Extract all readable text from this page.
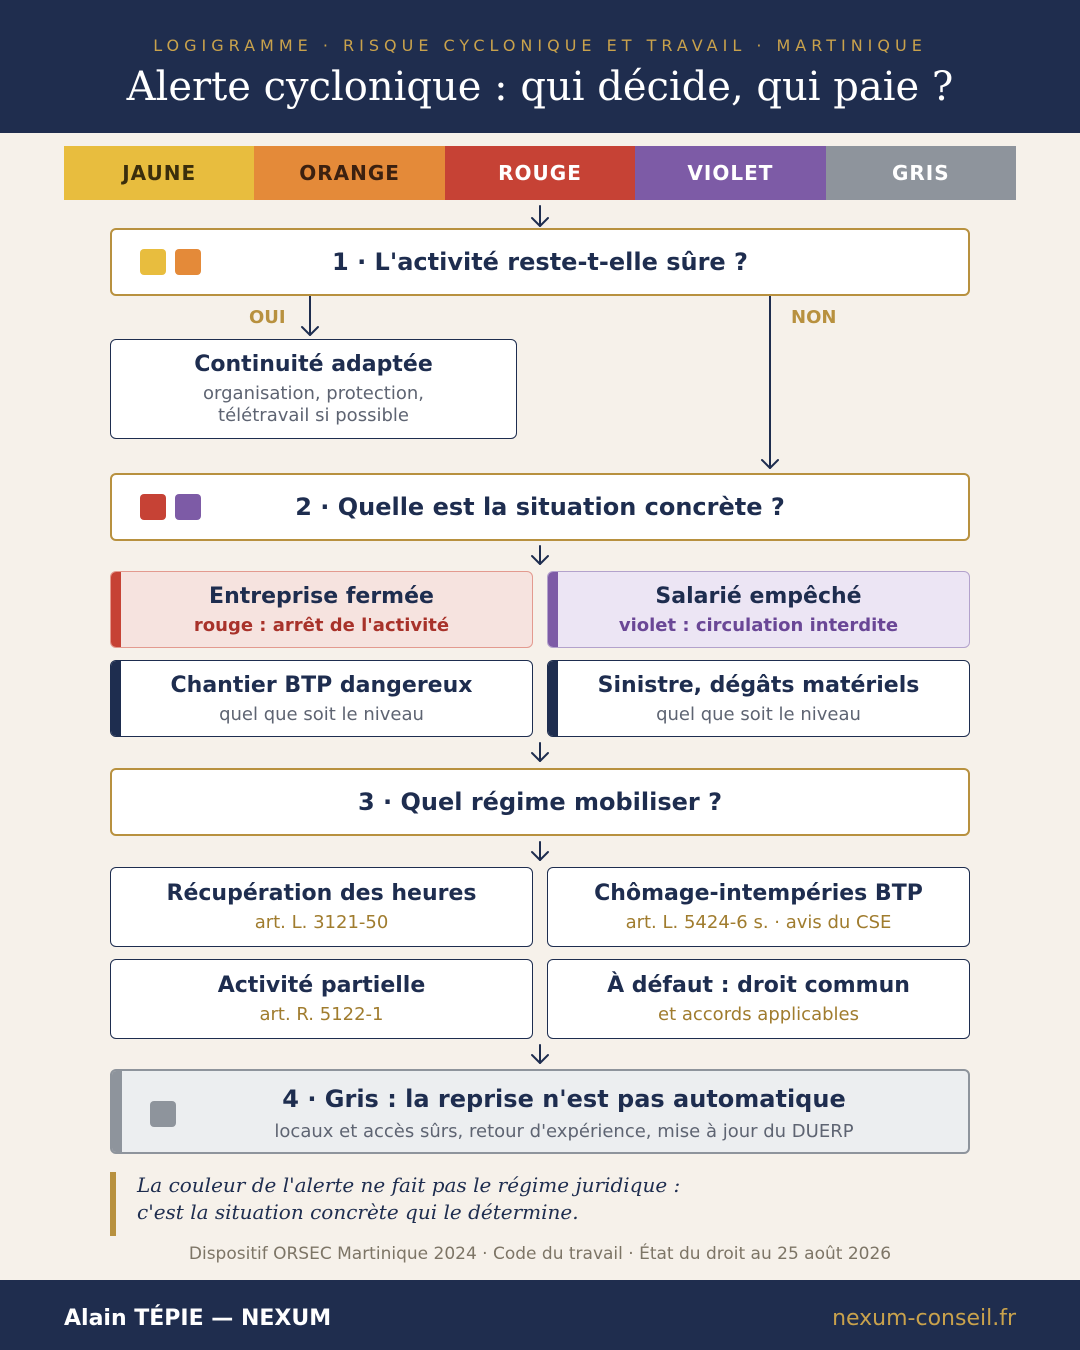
LOGIGRAMME · RISQUE CYCLONIQUE ET TRAVAIL · MARTINIQUE
Alerte cyclonique : qui décide, qui paie ?
JAUNE	ORANGE	ROUGE	VIOLET	GRIS
1 · L'activité reste-t-elle sûre ?
OUI	NON
Continuité adaptée
organisation, protection,
télétravail si possible
2 · Quelle est la situation concrète ?
Entreprise fermée
rouge : arrêt de l'activité
Salarié empêché
violet : circulation interdite
Chantier BTP dangereux
quel que soit le niveau
Sinistre, dégâts matériels
quel que soit le niveau
3 · Quel régime mobiliser ?
Récupération des heures
art. L. 3121-50
Chômage-intempéries BTP
art. L. 5424-6 s. · avis du CSE
Activité partielle
art. R. 5122-1
À défaut : droit commun
et accords applicables
4 · Gris : la reprise n'est pas automatique
locaux et accès sûrs, retour d'expérience, mise à jour du DUERP
La couleur de l'alerte ne fait pas le régime juridique :
c'est la situation concrète qui le détermine.
Dispositif ORSEC Martinique 2024 · Code du travail · État du droit au 25 août 2026
Alain TÉPIE — NEXUM	nexum-conseil.fr
